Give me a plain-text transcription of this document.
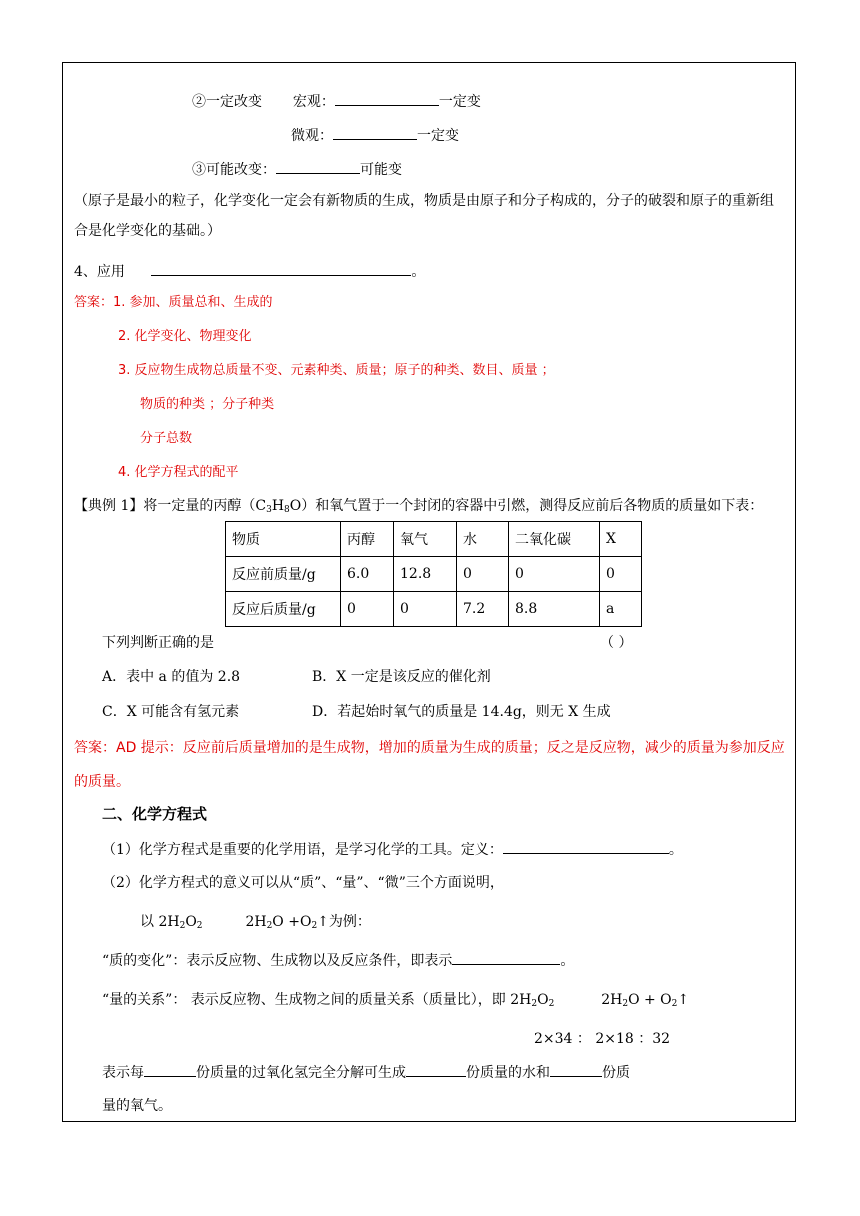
②一定改变 宏观：	一定变
微观：	一定变
③可能改变：	可能变
（原子是最小的粒子，化学变化一定会有新物质的生成，物质是由原子和分子构成的，分子的破裂和原子的重新组合是化学变化的基础。）
4、应用	。
答案：1. 参加、质量总和、生成的
2. 化学变化、物理变化
3. 反应物生成物总质量不变、元素种类、质量；原子的种类、数目、质量 ；
物质的种类 ；分子种类
分子总数
4. 化学方程式的配平
【典例 1】将一定量的丙醇$(C_3H_8O)$和氧气置于一个封闭的容器中引燃，测得反应前后各物质的质量如下表：
物质	丙醇	氧气	水	二氧化碳	X
反应前质量/g	6.0	12.8	0	0	0
反应后质量/g	0	0	7.2	8.8	a
下列判断正确的是	（ ）
A．表中 a 的值为 2.8	B．X 一定是该反应的催化剂
C．X 可能含有氢元素	D．若起始时氧气的质量是 14.4g，则无 X 生成
答案：AD 提示：反应前后质量增加的是生成物，增加的质量为生成的质量；反之是反应物，减少的质量为参加反应的质量。
二、化学方程式
（1）化学方程式是重要的化学用语，是学习化学的工具。定义：	。
（2）化学方程式的意义可以从“质”、“量”、“微”三个方面说明，
以 $2H_2O_2$	$2H_2O$ $+O_2↑$为例：
“质的变化”：表示反应物、生成物以及反应条件，即表示	。
“量的关系”： 表示反应物、生成物之间的质量关系（质量比），即 $2H_2O_2$	$2H_2O$ + $O_2↑$
2×34 ： 2×18 ：32
表示每	份质量的过氧化氢完全分解可生成	份质量的水和	份质
量的氧气。
